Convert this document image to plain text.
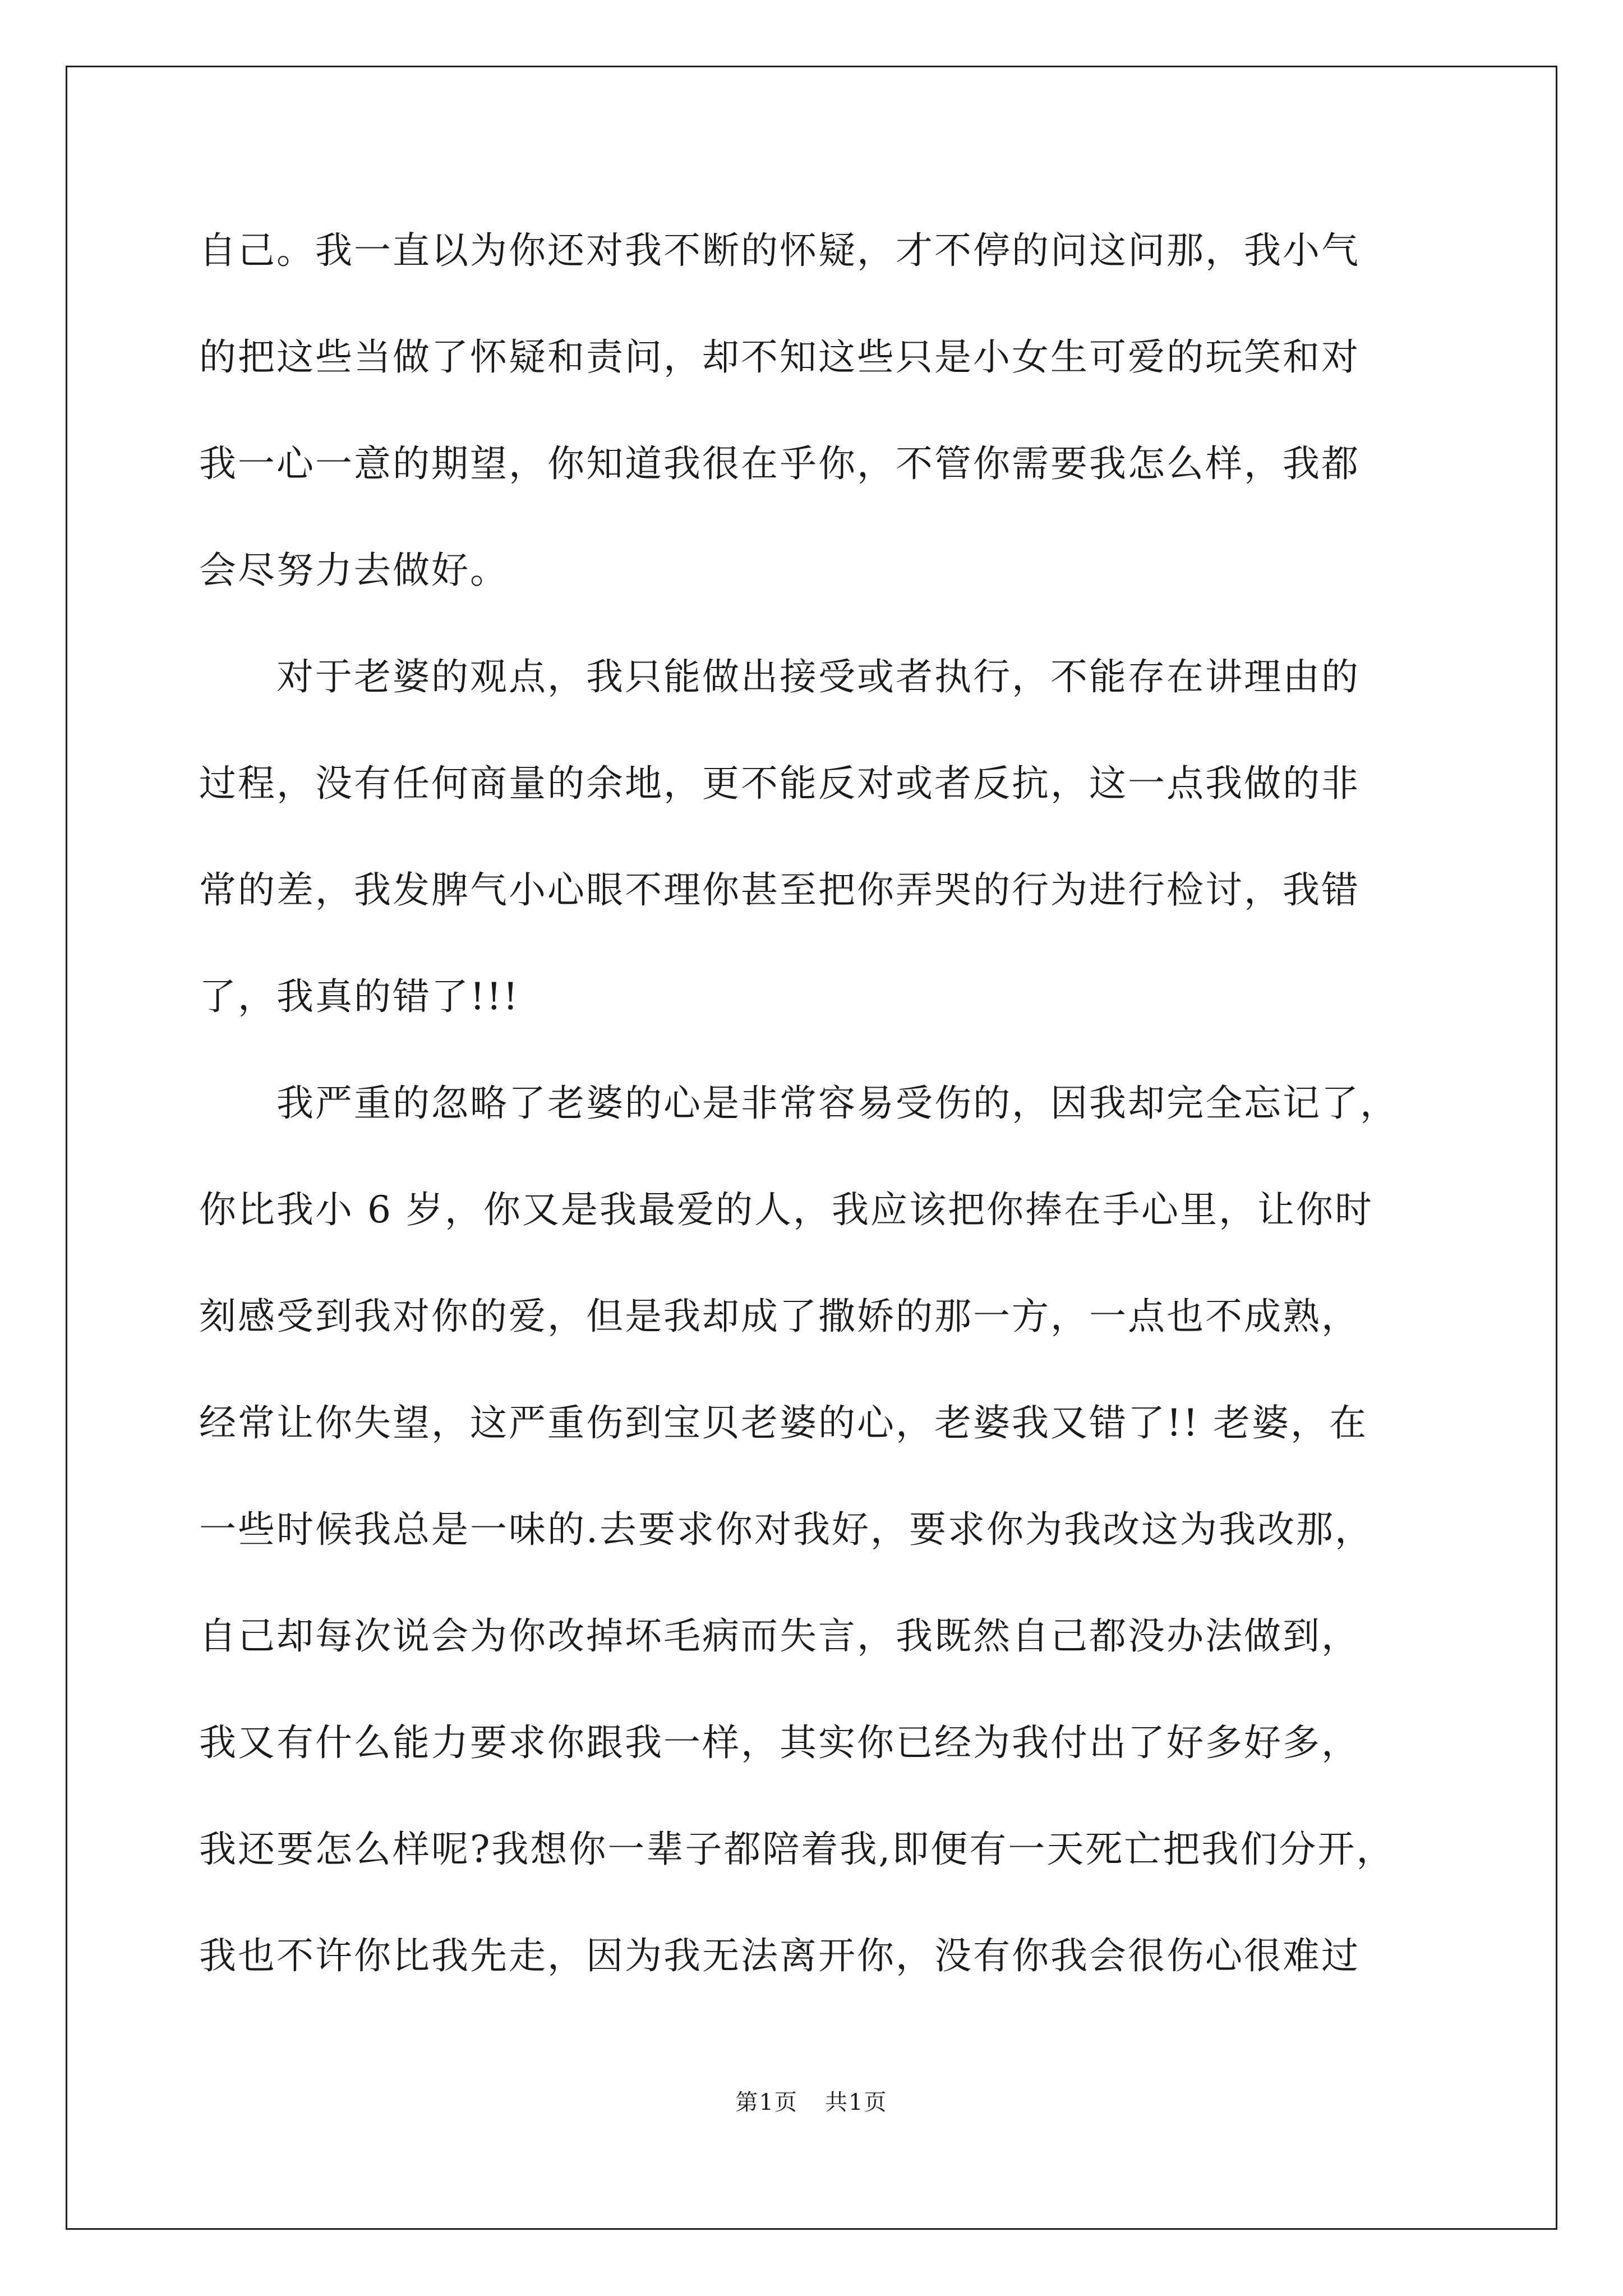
自己。我一直以为你还对我不断的怀疑，才不停的问这问那，我小气
的把这些当做了怀疑和责问，却不知这些只是小女生可爱的玩笑和对
我一心一意的期望，你知道我很在乎你，不管你需要我怎么样，我都
会尽努力去做好。
　　对于老婆的观点，我只能做出接受或者执行，不能存在讲理由的
过程，没有任何商量的余地，更不能反对或者反抗，这一点我做的非
常的差，我发脾气小心眼不理你甚至把你弄哭的行为进行检讨，我错
了，我真的错了!!!
　　我严重的忽略了老婆的心是非常容易受伤的，因我却完全忘记了，
你比我小 6 岁，你又是我最爱的人，我应该把你捧在手心里，让你时
刻感受到我对你的爱，但是我却成了撒娇的那一方，一点也不成熟，
经常让你失望，这严重伤到宝贝老婆的心，老婆我又错了!! 老婆，在
一些时候我总是一味的.去要求你对我好，要求你为我改这为我改那，
自己却每次说会为你改掉坏毛病而失言，我既然自己都没办法做到，
我又有什么能力要求你跟我一样，其实你已经为我付出了好多好多，
我还要怎么样呢?我想你一辈子都陪着我,即便有一天死亡把我们分开，
我也不许你比我先走，因为我无法离开你，没有你我会很伤心很难过
第1页 共1页
